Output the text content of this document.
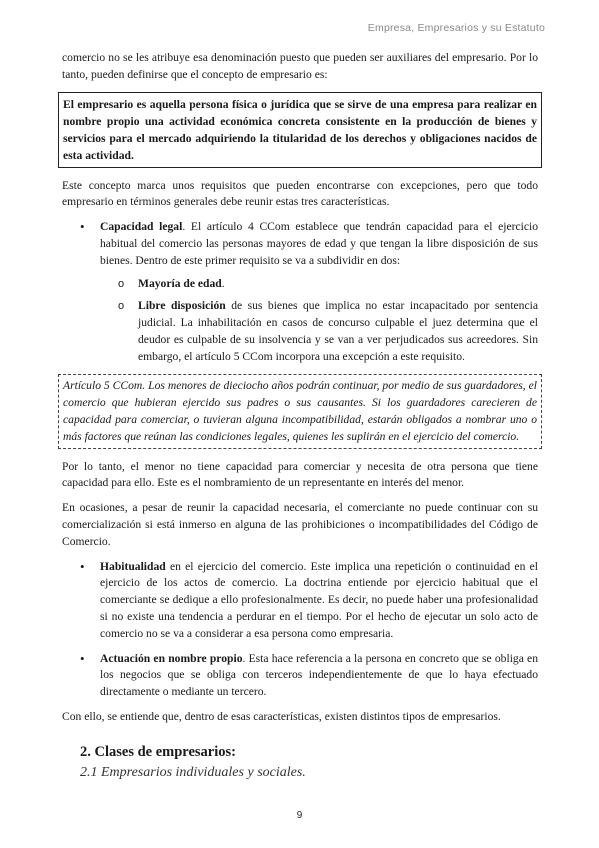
Empresa, Empresarios y su Estatuto

comercio no se les atribuye esa denominación puesto que pueden ser auxiliares del empresario. Por lo tanto, pueden definirse que el concepto de empresario es:

El empresario es aquella persona física o jurídica que se sirve de una empresa para realizar en nombre propio una actividad económica concreta consistente en la producción de bienes y servicios para el mercado adquiriendo la titularidad de los derechos y obligaciones nacidos de esta actividad.

Este concepto marca unos requisitos que pueden encontrarse con excepciones, pero que todo empresario en términos generales debe reunir estas tres características.

• Capacidad legal. El artículo 4 CCom establece que tendrán capacidad para el ejercicio habitual del comercio las personas mayores de edad y que tengan la libre disposición de sus bienes. Dentro de este primer requisito se va a subdividir en dos:
o Mayoría de edad.
o Libre disposición de sus bienes que implica no estar incapacitado por sentencia judicial. La inhabilitación en casos de concurso culpable el juez determina que el deudor es culpable de su insolvencia y se van a ver perjudicados sus acreedores. Sin embargo, el artículo 5 CCom incorpora una excepción a este requisito.
Artículo 5 CCom. Los menores de dieciocho años podrán continuar, por medio de sus guardadores, el comercio que hubieran ejercido sus padres o sus causantes. Si los guardadores carecieren de capacidad para comerciar, o tuvieran alguna incompatibilidad, estarán obligados a nombrar uno o más factores que reúnan las condiciones legales, quienes les suplirán en el ejercicio del comercio.

Por lo tanto, el menor no tiene capacidad para comerciar y necesita de otra persona que tiene capacidad para ello. Este es el nombramiento de un representante en interés del menor.

En ocasiones, a pesar de reunir la capacidad necesaria, el comerciante no puede continuar con su comercialización si está inmerso en alguna de las prohibiciones o incompatibilidades del Código de Comercio.

• Habitualidad en el ejercicio del comercio. Este implica una repetición o continuidad en el ejercicio de los actos de comercio. La doctrina entiende por ejercicio habitual que el comerciante se dedique a ello profesionalmente. Es decir, no puede haber una profesionalidad si no existe una tendencia a perdurar en el tiempo. Por el hecho de ejecutar un solo acto de comercio no se va a considerar a esa persona como empresaria.
• Actuación en nombre propio. Esta hace referencia a la persona en concreto que se obliga en los negocios que se obliga con terceros independientemente de que lo haya efectuado directamente o mediante un tercero.

Con ello, se entiende que, dentro de esas características, existen distintos tipos de empresarios.

2. Clases de empresarios:
2.1 Empresarios individuales y sociales.
9
